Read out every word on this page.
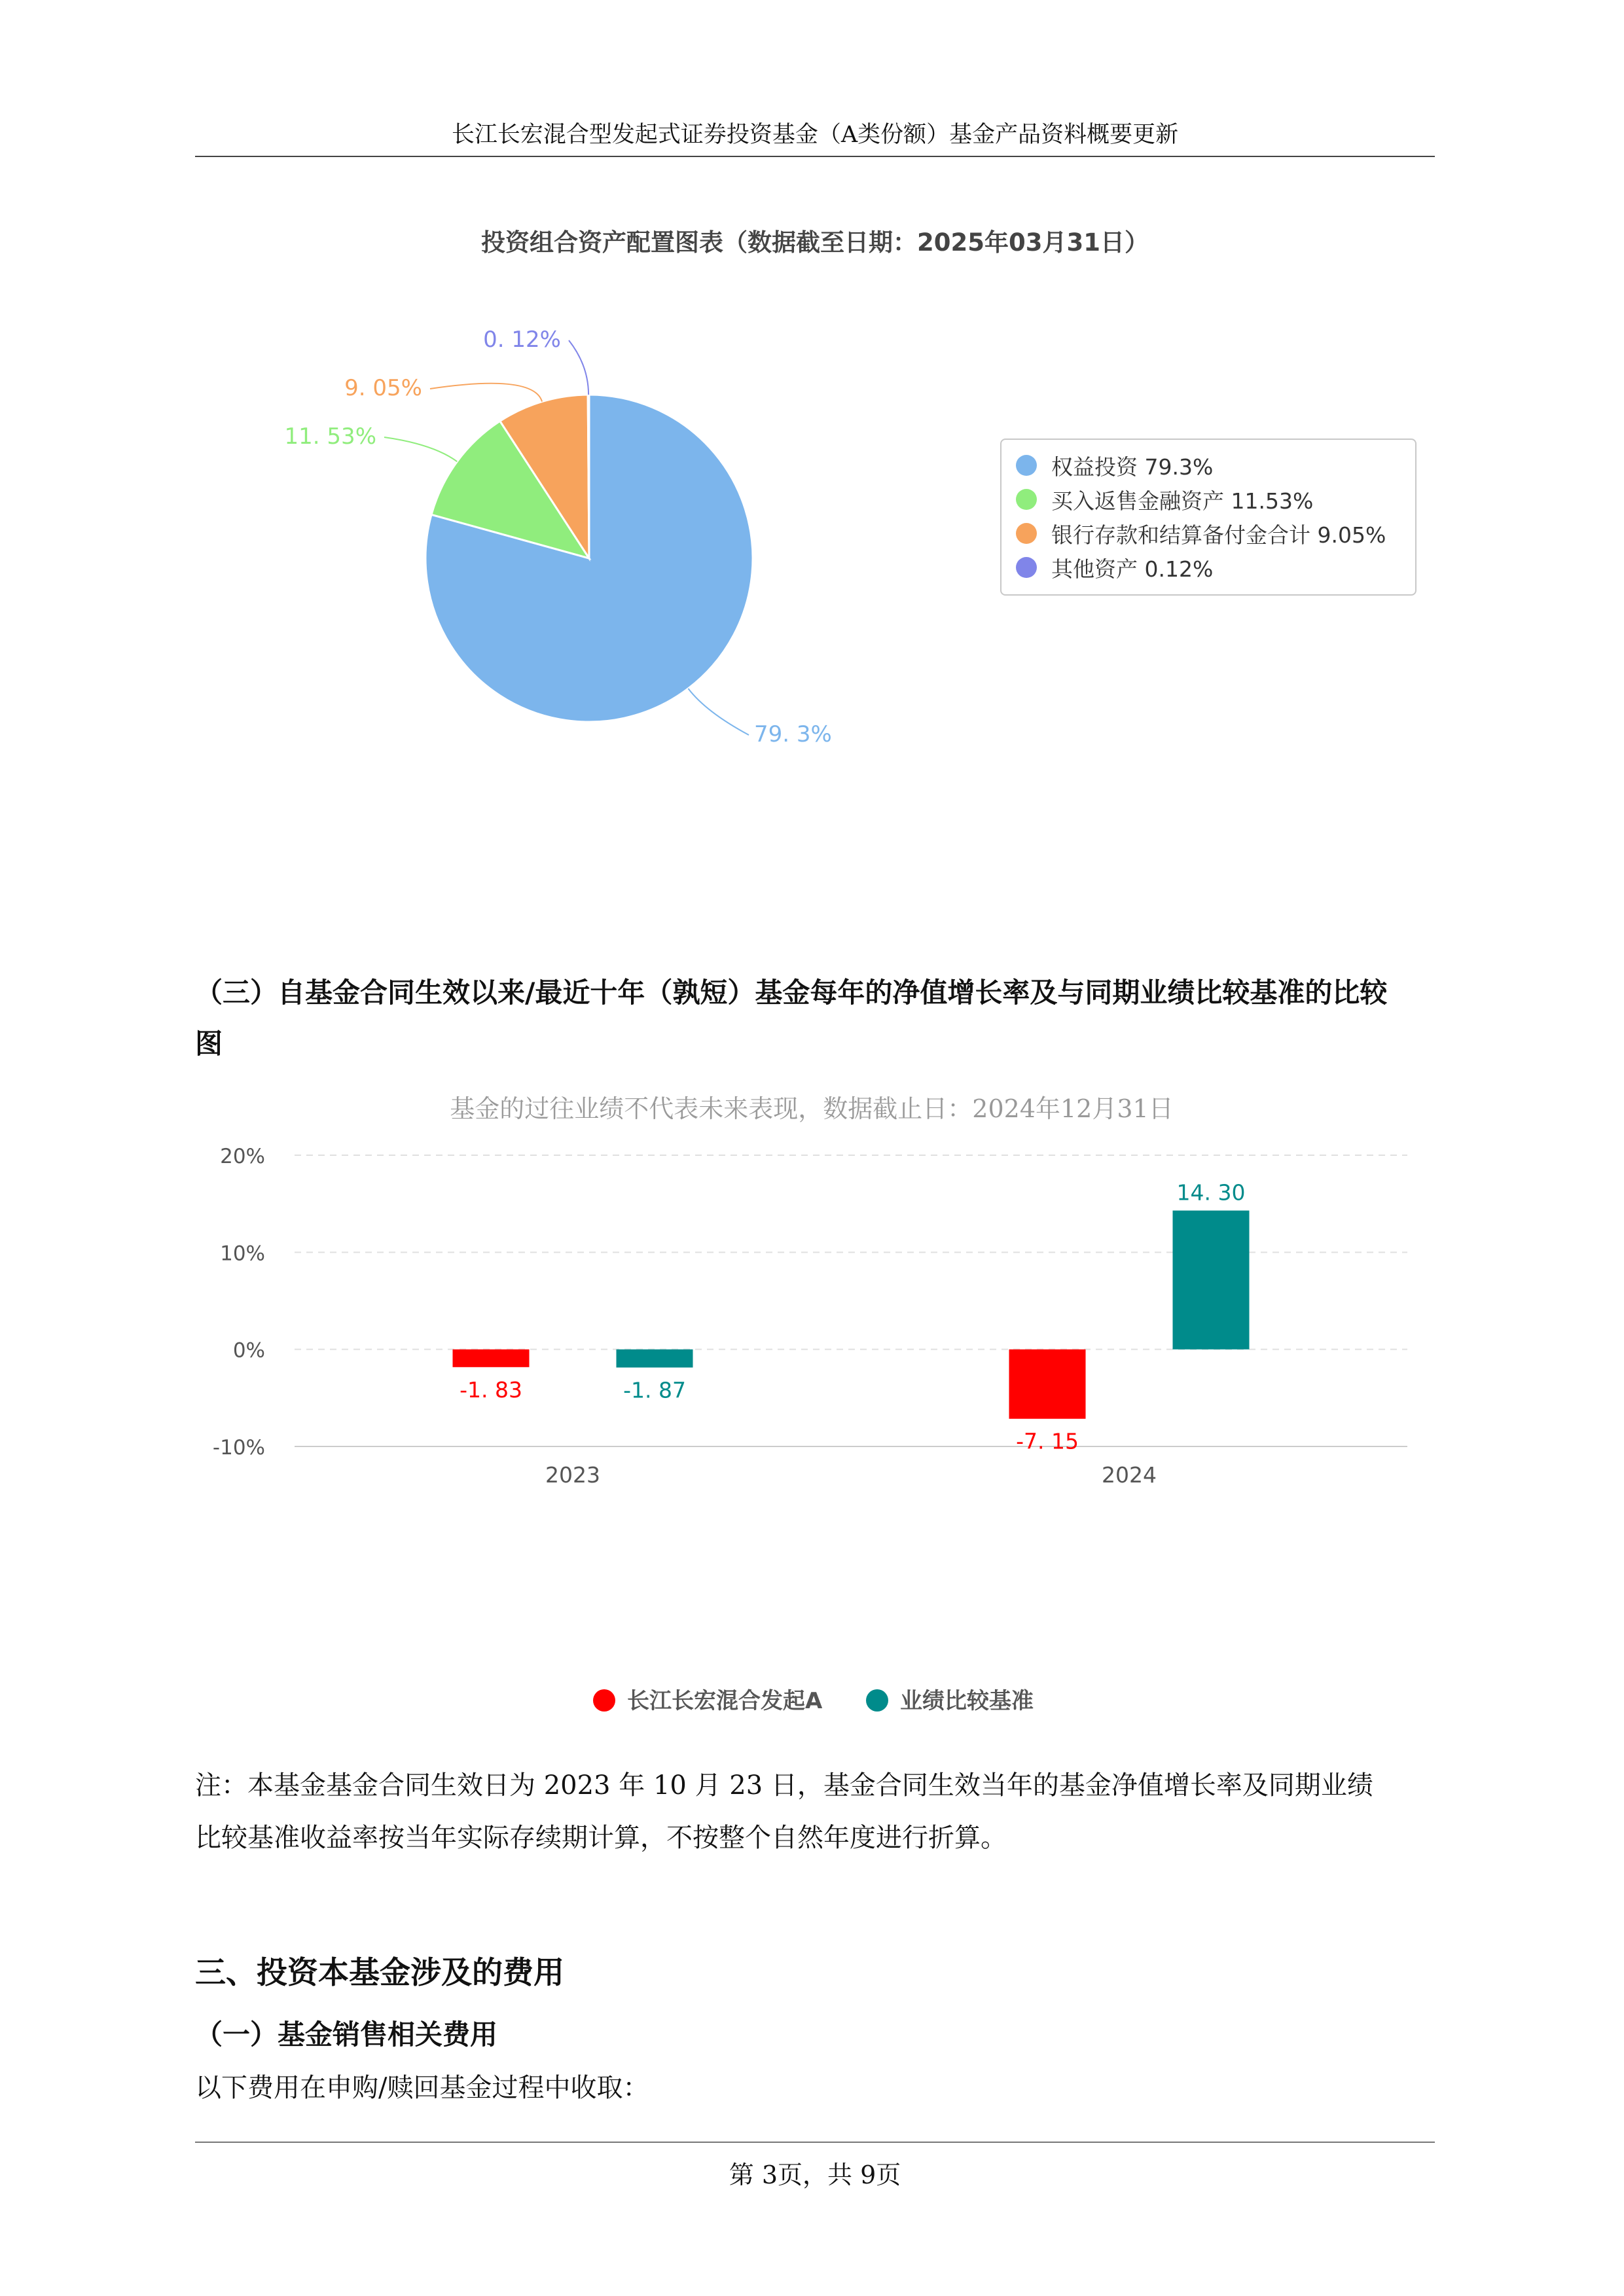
长江长宏混合型发起式证券投资基金（A类份额）基金产品资料概要更新
投资组合资产配置图表（数据截至日期：2025年03月31日）
79. 3%
11. 53%
9. 05%
0. 12%
权益投资 79.3%
买入返售金融资产 11.53%
银行存款和结算备付金合计 9.05%
其他资产 0.12%
（三）自基金合同生效以来/最近十年（孰短）基金每年的净值增长率及与同期业绩比较基准的比较
图
基金的过往业绩不代表未来表现，数据截止日：2024年12月31日
20%
10%
0%
-10%
-1. 83	-1. 87
2023
-7. 15
14. 30
2024
长江长宏混合发起A	业绩比较基准
注：本基金基金合同生效日为 2023 年 10 月 23 日，基金合同生效当年的基金净值增长率及同期业绩
比较基准收益率按当年实际存续期计算，不按整个自然年度进行折算。
三、投资本基金涉及的费用
（一）基金销售相关费用
以下费用在申购/赎回基金过程中收取：
第 3页，共 9页
